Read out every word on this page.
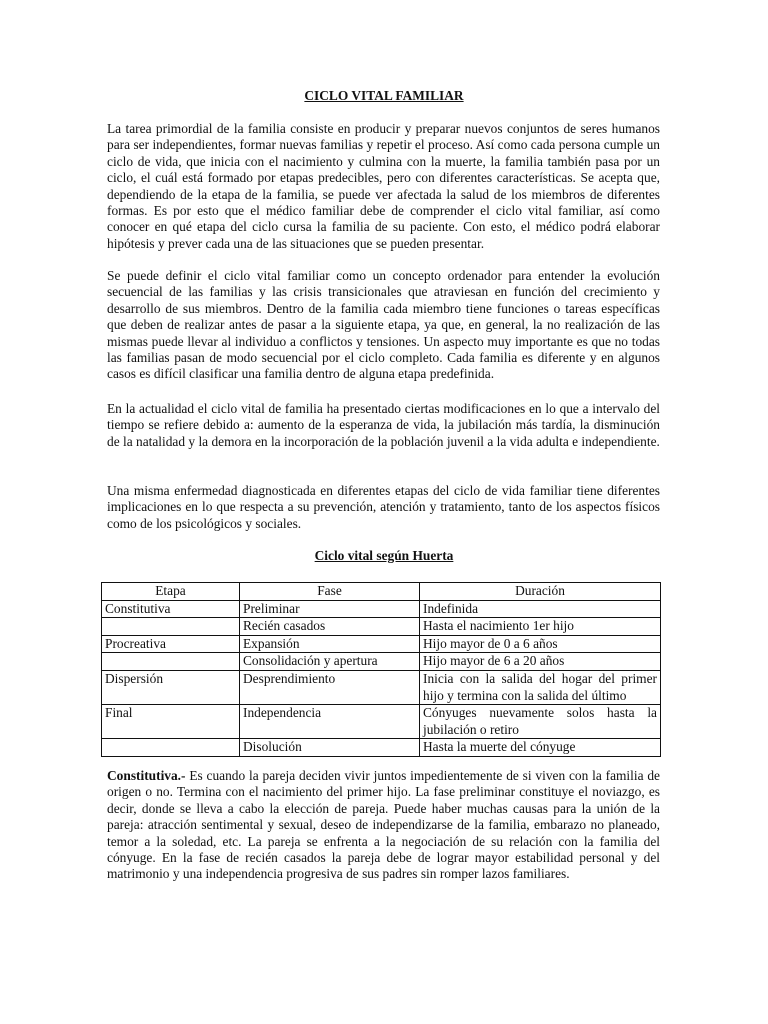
CICLO VITAL FAMILIAR

La tarea primordial de la familia consiste en producir y preparar nuevos conjuntos de seres humanos para ser independientes, formar nuevas familias y repetir el proceso. Así como cada persona cumple un ciclo de vida, que inicia con el nacimiento y culmina con la muerte, la familia también pasa por un ciclo, el cuál está formado por etapas predecibles, pero con diferentes características. Se acepta que, dependiendo de la etapa de la familia, se puede ver afectada la salud de los miembros de diferentes formas. Es por esto que el médico familiar debe de comprender el ciclo vital familiar, así como conocer en qué etapa del ciclo cursa la familia de su paciente. Con esto, el médico podrá elaborar hipótesis y prever cada una de las situaciones que se pueden presentar.

Se puede definir el ciclo vital familiar como un concepto ordenador para entender la evolución secuencial de las familias y las crisis transicionales que atraviesan en función del crecimiento y desarrollo de sus miembros. Dentro de la familia cada miembro tiene funciones o tareas específicas que deben de realizar antes de pasar a la siguiente etapa, ya que, en general, la no realización de las mismas puede llevar al individuo a conflictos y tensiones. Un aspecto muy importante es que no todas las familias pasan de modo secuencial por el ciclo completo. Cada familia es diferente y en algunos casos es difícil clasificar una familia dentro de alguna etapa predefinida.

En la actualidad el ciclo vital de familia ha presentado ciertas modificaciones en lo que a intervalo del tiempo se refiere debido a: aumento de la esperanza de vida, la jubilación más tardía, la disminución de la natalidad y la demora en la incorporación de la población juvenil a la vida adulta e independiente.

Una misma enfermedad diagnosticada en diferentes etapas del ciclo de vida familiar tiene diferentes implicaciones en lo que respecta a su prevención, atención y tratamiento, tanto de los aspectos físicos como de los psicológicos y sociales.

Ciclo vital según Huerta
Etapa	Fase	Duración
Constitutiva	Preliminar	Indefinida
	Recién casados	Hasta el nacimiento 1er hijo
Procreativa	Expansión	Hijo mayor de 0 a 6 años
	Consolidación y apertura	Hijo mayor de 6 a 20 años
Dispersión	Desprendimiento	Inicia con la salida del hogar del primer hijo y termina con la salida del último
Final	Independencia	Cónyuges nuevamente solos hasta la jubilación o retiro
	Disolución	Hasta la muerte del cónyuge

Constitutiva.- Es cuando la pareja deciden vivir juntos impedientemente de si viven con la familia de origen o no. Termina con el nacimiento del primer hijo. La fase preliminar constituye el noviazgo, es decir, donde se lleva a cabo la elección de pareja. Puede haber muchas causas para la unión de la pareja: atracción sentimental y sexual, deseo de independizarse de la familia, embarazo no planeado, temor a la soledad, etc. La pareja se enfrenta a la negociación de su relación con la familia del cónyuge. En la fase de recién casados la pareja debe de lograr mayor estabilidad personal y del matrimonio y una independencia progresiva de sus padres sin romper lazos familiares.
